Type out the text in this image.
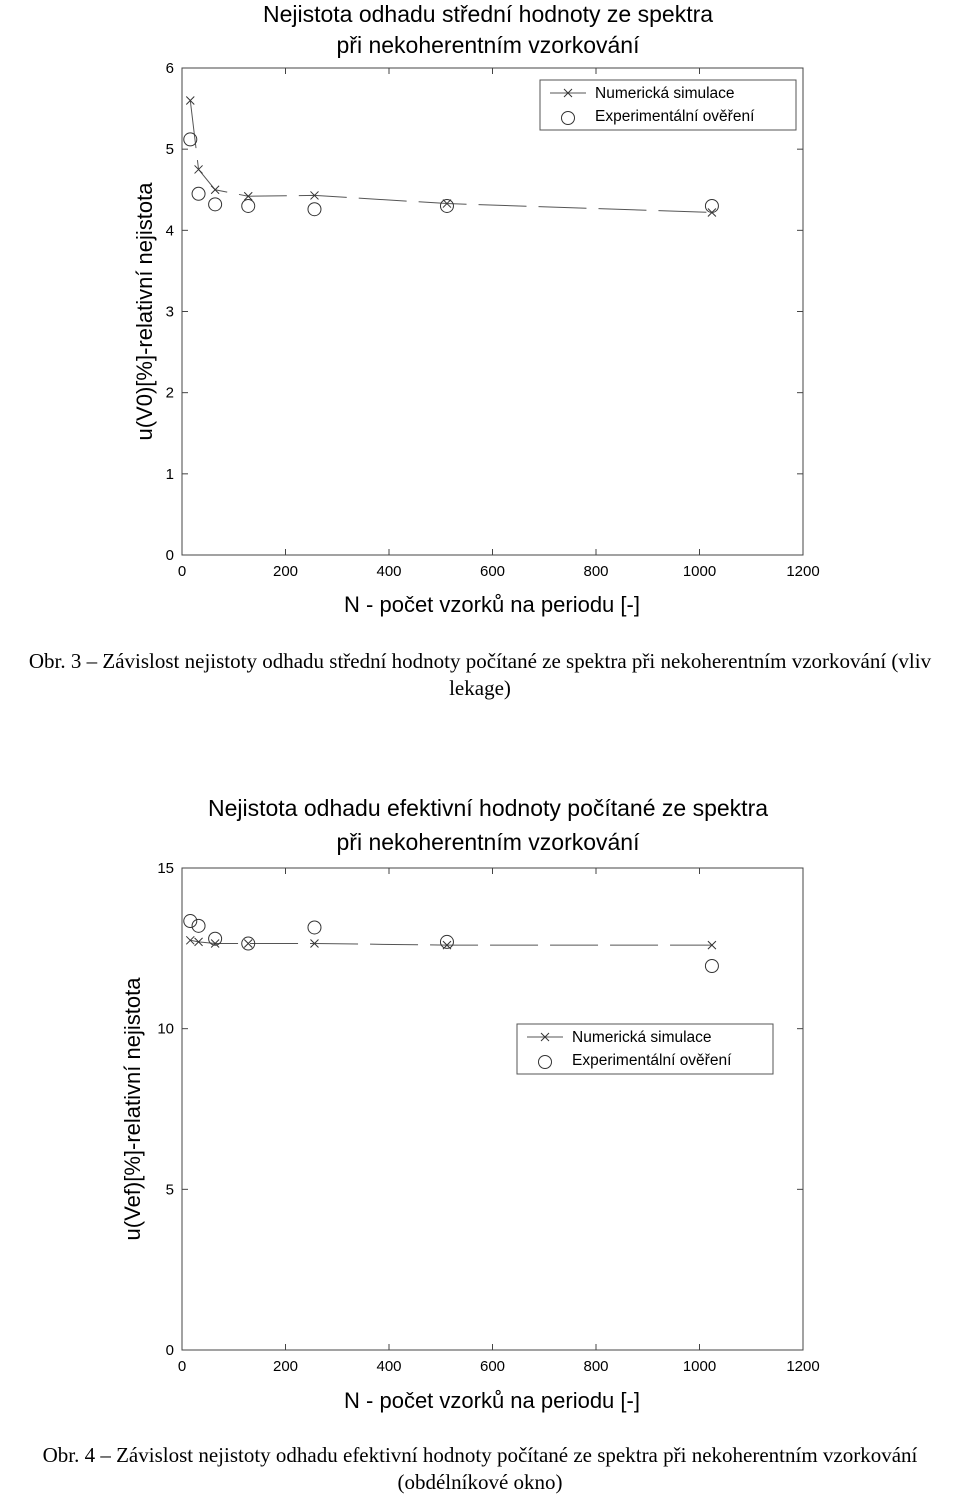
Nejistota odhadu střední hodnoty ze spektra
při nekoherentním vzorkování
0	200	400	600	800	1000	1200
0
1
2
3
4
5
6
N - počet vzorků na periodu [-]
u(V0)[%]-relativní nejistota
Numerická simulace
Experimentální ověření
Obr. 3 – Závislost nejistoty odhadu střední hodnoty počítané ze spektra při nekoherentním vzorkování (vliv lekage)
Nejistota odhadu efektivní hodnoty počítané ze spektra
při nekoherentním vzorkování
0	200	400	600	800	1000	1200
0
5
10
15
N - počet vzorků na periodu [-]
u(Vef)[%]-relativní nejistota	Numerická simulace
Experimentální ověření
Obr. 4 – Závislost nejistoty odhadu efektivní hodnoty počítané ze spektra při nekoherentním vzorkování (obdélníkové okno)
